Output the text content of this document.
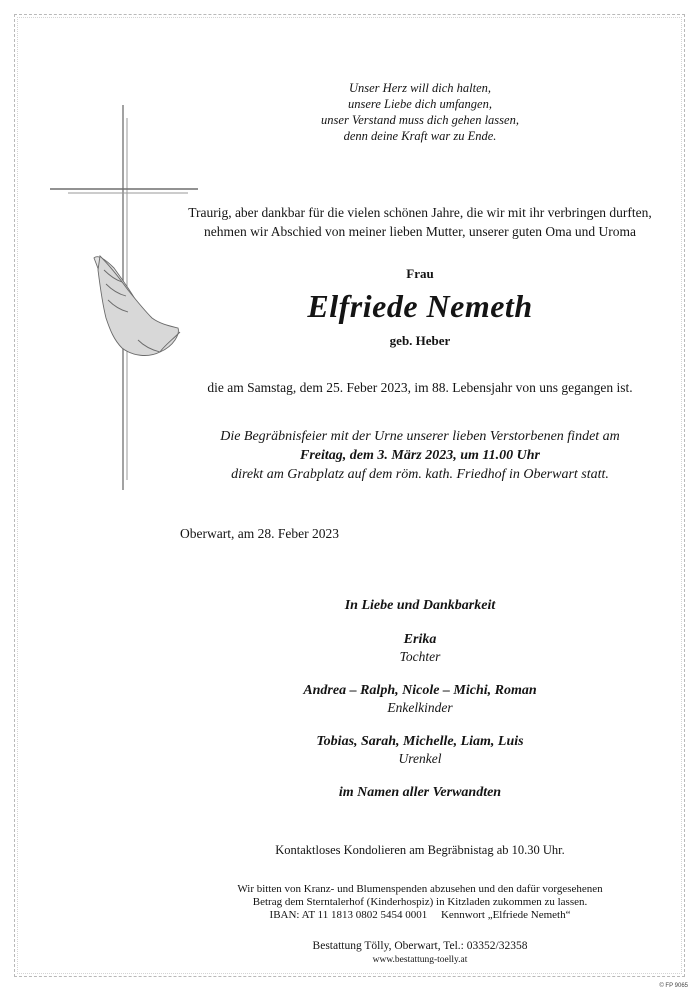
Unser Herz will dich halten,
unsere Liebe dich umfangen,
unser Verstand muss dich gehen lassen,
denn deine Kraft war zu Ende.
Traurig, aber dankbar für die vielen schönen Jahre, die wir mit ihr verbringen durften,
nehmen wir Abschied von meiner lieben Mutter, unserer guten Oma und Uroma
Frau
Elfriede Nemeth
geb. Heber
die am Samstag, dem 25. Feber 2023, im 88. Lebensjahr von uns gegangen ist.
Die Begräbnisfeier mit der Urne unserer lieben Verstorbenen findet am
Freitag, dem 3. März 2023, um 11.00 Uhr
direkt am Grabplatz auf dem röm. kath. Friedhof in Oberwart statt.
Oberwart, am 28. Feber 2023
In Liebe und Dankbarkeit
Erika
Tochter
Andrea – Ralph, Nicole – Michi, Roman
Enkelkinder
Tobias, Sarah, Michelle, Liam, Luis
Urenkel
im Namen aller Verwandten
Kontaktloses Kondolieren am Begräbnistag ab 10.30 Uhr.
Wir bitten von Kranz- und Blumenspenden abzusehen und den dafür vorgesehenen
Betrag dem Sterntalerhof (Kinderhospiz) in Kitzladen zukommen zu lassen.
IBAN: AT 11 1813 0802 5454 0001     Kennwort „Elfriede Nemeth“
Bestattung Tölly, Oberwart, Tel.: 03352/32358
www.bestattung-toelly.at
© FP 9065
